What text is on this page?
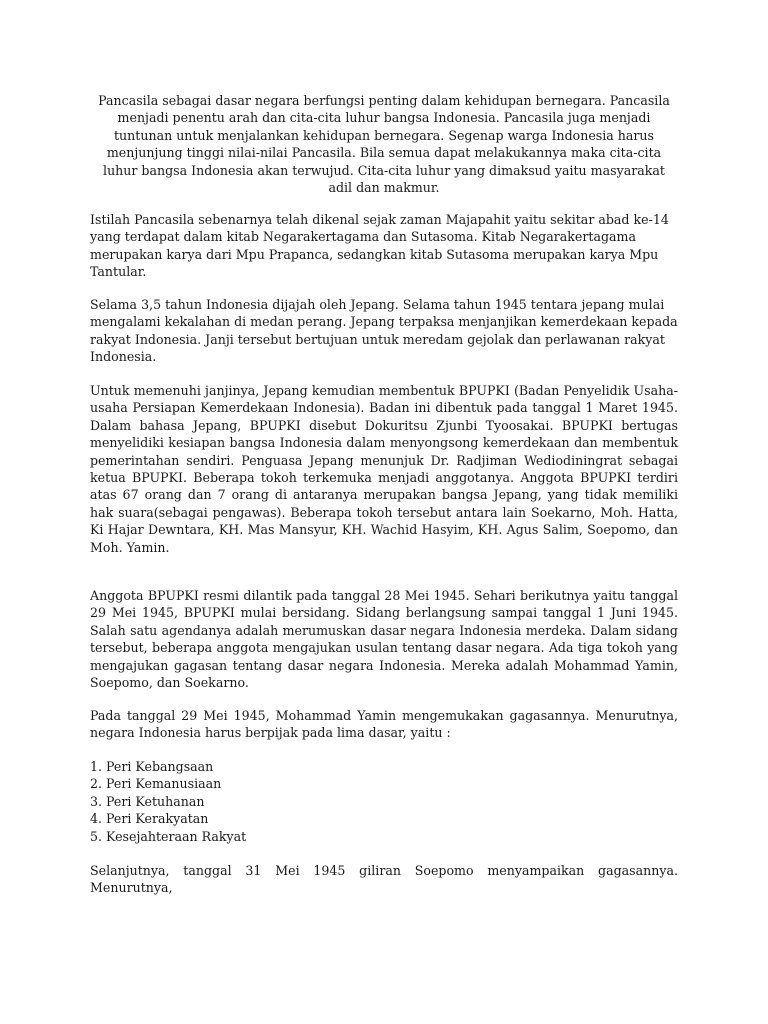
Pancasila sebagai dasar negara berfungsi penting dalam kehidupan bernegara. Pancasila menjadi penentu arah dan cita-cita luhur bangsa Indonesia. Pancasila juga menjadi tuntunan untuk menjalankan kehidupan bernegara. Segenap warga Indonesia harus menjunjung tinggi nilai-nilai Pancasila. Bila semua dapat melakukannya maka cita-cita luhur bangsa Indonesia akan terwujud. Cita-cita luhur yang dimaksud yaitu masyarakat adil dan makmur.

Istilah Pancasila sebenarnya telah dikenal sejak zaman Majapahit yaitu sekitar abad ke-14 yang terdapat dalam kitab Negarakertagama dan Sutasoma. Kitab Negarakertagama merupakan karya dari Mpu Prapanca, sedangkan kitab Sutasoma merupakan karya Mpu Tantular.

Selama 3,5 tahun Indonesia dijajah oleh Jepang. Selama tahun 1945 tentara jepang mulai mengalami kekalahan di medan perang. Jepang terpaksa menjanjikan kemerdekaan kepada rakyat Indonesia. Janji tersebut bertujuan untuk meredam gejolak dan perlawanan rakyat Indonesia.

Untuk memenuhi janjinya, Jepang kemudian membentuk BPUPKI (Badan Penyelidik Usaha-usaha Persiapan Kemerdekaan Indonesia). Badan ini dibentuk pada tanggal 1 Maret 1945. Dalam bahasa Jepang, BPUPKI disebut Dokuritsu Zjunbi Tyoosakai. BPUPKI bertugas menyelidiki kesiapan bangsa Indonesia dalam menyongsong kemerdekaan dan membentuk pemerintahan sendiri. Penguasa Jepang menunjuk Dr. Radjiman Wediodiningrat sebagai ketua BPUPKI. Beberapa tokoh terkemuka menjadi anggotanya. Anggota BPUPKI terdiri atas 67 orang dan 7 orang di antaranya merupakan bangsa Jepang, yang tidak memiliki hak suara(sebagai pengawas). Beberapa tokoh tersebut antara lain Soekarno, Moh. Hatta, Ki Hajar Dewntara, KH. Mas Mansyur, KH. Wachid Hasyim, KH. Agus Salim, Soepomo, dan Moh. Yamin.

Anggota BPUPKI resmi dilantik pada tanggal 28 Mei 1945. Sehari berikutnya yaitu tanggal 29 Mei 1945, BPUPKI mulai bersidang. Sidang berlangsung sampai tanggal 1 Juni 1945. Salah satu agendanya adalah merumuskan dasar negara Indonesia merdeka. Dalam sidang tersebut, beberapa anggota mengajukan usulan tentang dasar negara. Ada tiga tokoh yang mengajukan gagasan tentang dasar negara Indonesia. Mereka adalah Mohammad Yamin, Soepomo, dan Soekarno.

Pada tanggal 29 Mei 1945, Mohammad Yamin mengemukakan gagasannya. Menurutnya, negara Indonesia harus berpijak pada lima dasar, yaitu :

1. Peri Kebangsaan
2. Peri Kemanusiaan
3. Peri Ketuhanan
4. Peri Kerakyatan
5. Kesejahteraan Rakyat

Selanjutnya, tanggal 31 Mei 1945 giliran Soepomo menyampaikan gagasannya. Menurutnya,
